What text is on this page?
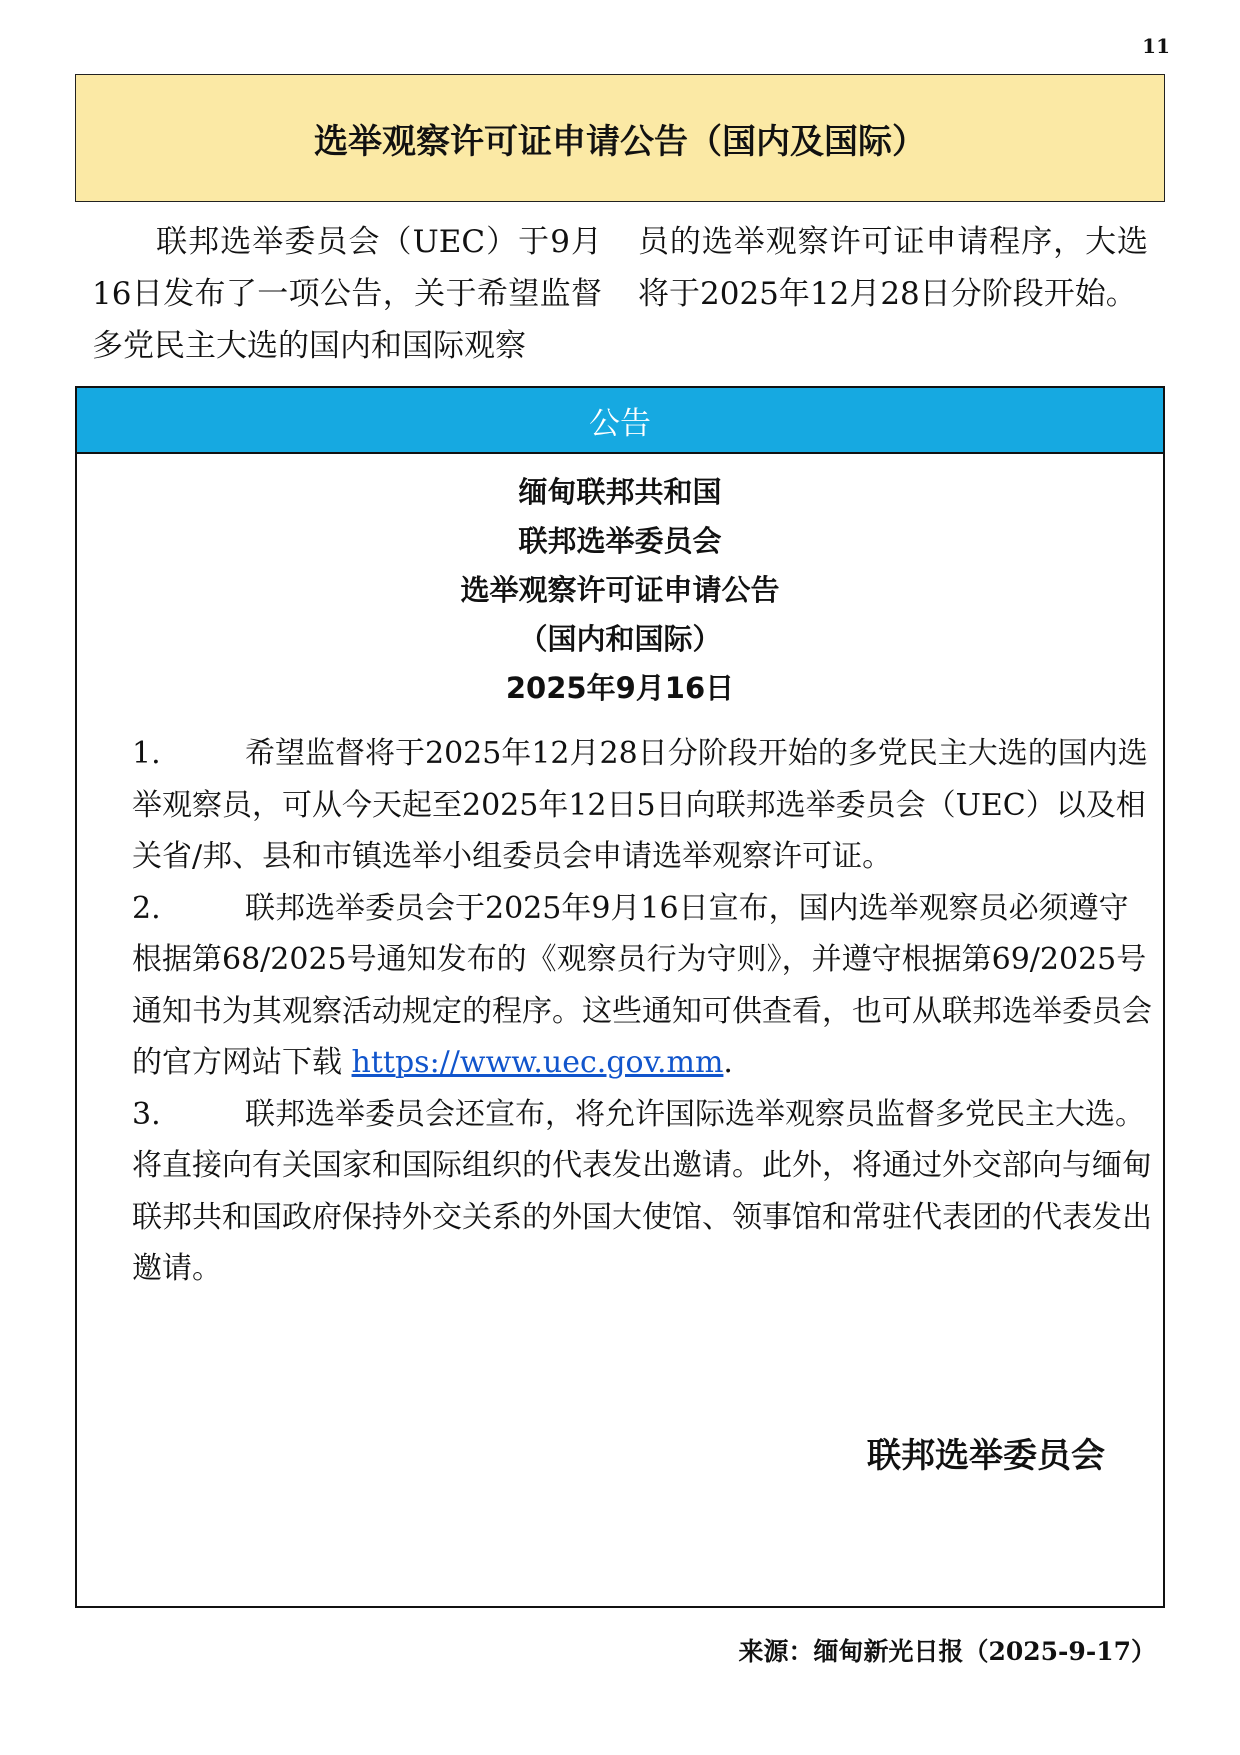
11
选举观察许可证申请公告（国内及国际）

　　联邦选举委员会（UEC）于9月16日发布了一项公告，关于希望监督多党民主大选的国内和国际观察

员的选举观察许可证申请程序，大选将于2025年12月28日分阶段开始。

公告
缅甸联邦共和国
联邦选举委员会
选举观察许可证申请公告
（国内和国际）
2025年9月16日

1.	希望监督将于2025年12月28日分阶段开始的多党民主大选的国内选举观察员，可从今天起至2025年12日5日向联邦选举委员会（UEC）以及相关省/邦、县和市镇选举小组委员会申请选举观察许可证。

2.	联邦选举委员会于2025年9月16日宣布，国内选举观察员必须遵守根据第68/2025号通知发布的《观察员行为守则》，并遵守根据第69/2025号通知书为其观察活动规定的程序。这些通知可供查看，也可从联邦选举委员会的官方网站下载 https://www.uec.gov.mm.

3.	联邦选举委员会还宣布，将允许国际选举观察员监督多党民主大选。将直接向有关国家和国际组织的代表发出邀请。此外，将通过外交部向与缅甸联邦共和国政府保持外交关系的外国大使馆、领事馆和常驻代表团的代表发出邀请。

联邦选举委员会
来源：缅甸新光日报（2025-9-17）
